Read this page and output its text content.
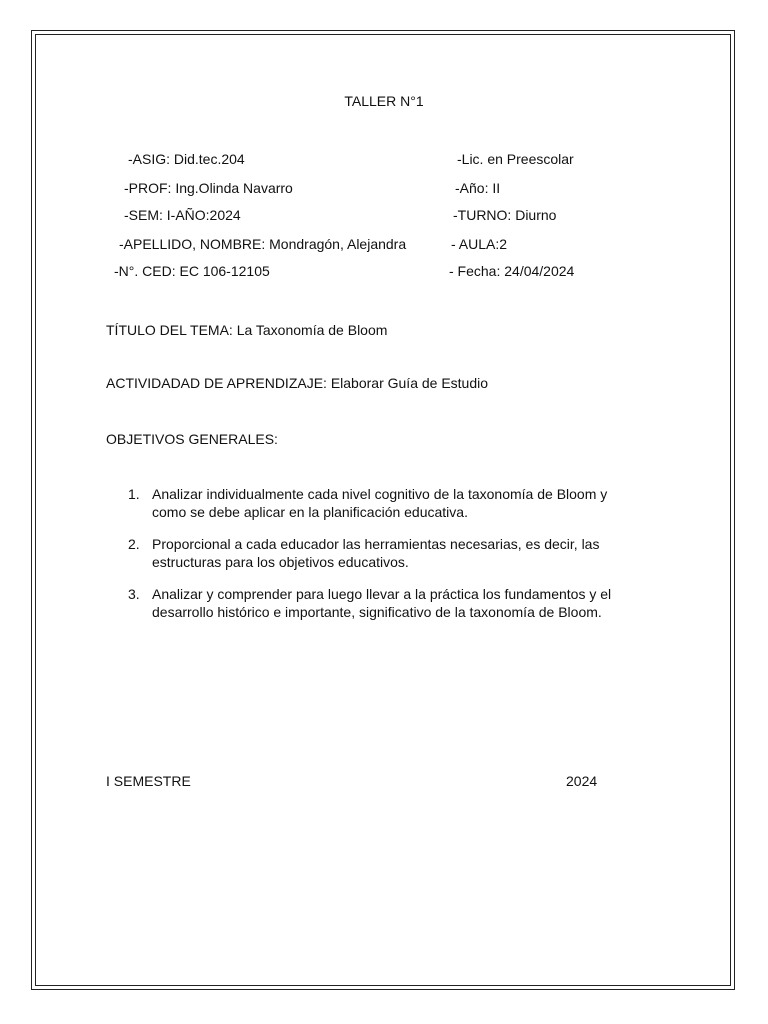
TALLER N°1
-ASIG: Did.tec.204
-PROF: Ing.Olinda Navarro
-SEM: I-AÑO:2024
-APELLIDO, NOMBRE: Mondragón, Alejandra
-N°. CED: EC 106-12105
-Lic. en Preescolar
-Año: II
-TURNO: Diurno
- AULA:2
- Fecha: 24/04/2024
TÍTULO DEL TEMA: La Taxonomía de Bloom
ACTIVIDADAD DE APRENDIZAJE: Elaborar Guía de Estudio
OBJETIVOS GENERALES:
1. Analizar individualmente cada nivel cognitivo de la taxonomía de Bloom y
como se debe aplicar en la planificación educativa.
2. Proporcional a cada educador las herramientas necesarias, es decir, las
estructuras para los objetivos educativos.
3. Analizar y comprender para luego llevar a la práctica los fundamentos y el
desarrollo histórico e importante, significativo de la taxonomía de Bloom.
I SEMESTRE	2024
